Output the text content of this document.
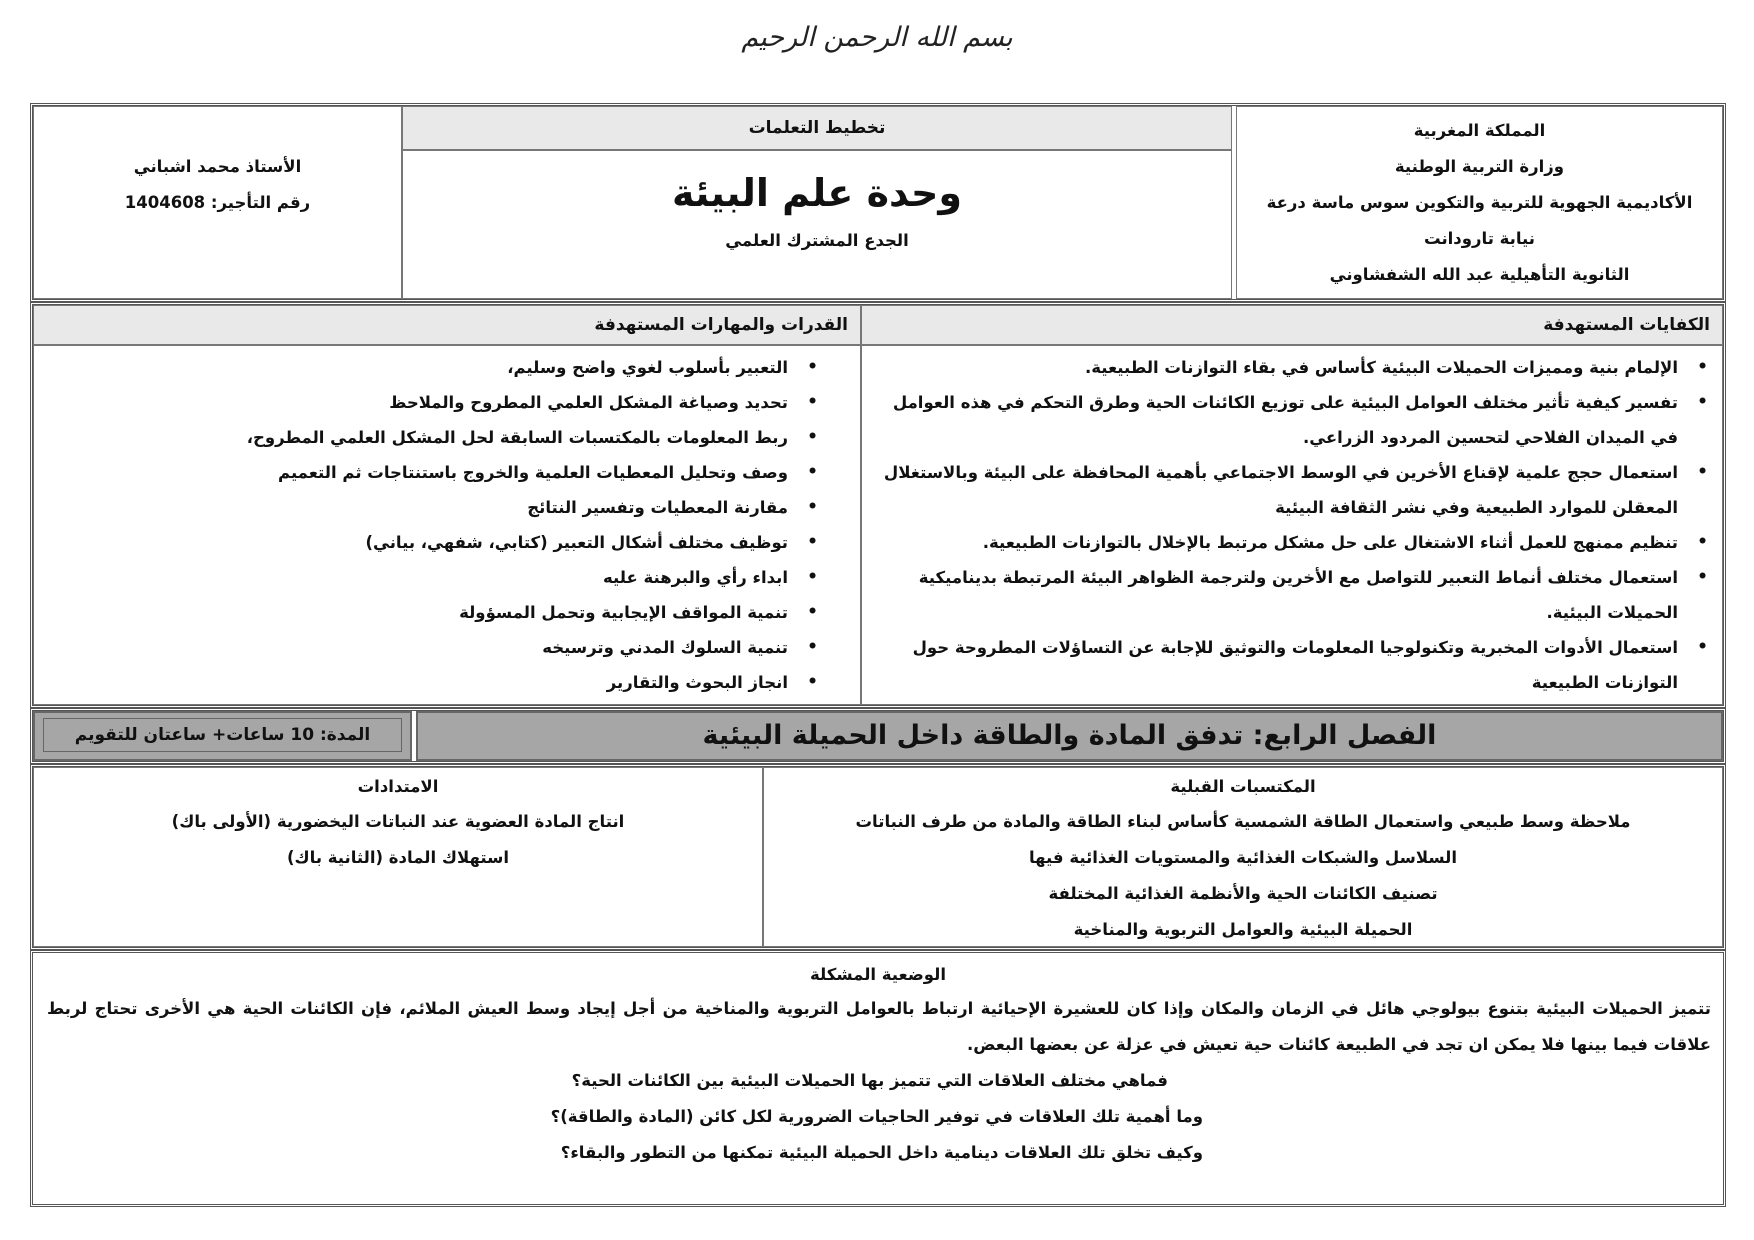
بسم الله الرحمن الرحيم
المملكة المغربية
وزارة التربية الوطنية
الأكاديمية الجهوية للتربية والتكوين سوس ماسة درعة
نيابة تارودانت
الثانوية التأهيلية عبد الله الشفشاوني
تخطيط التعلمات
وحدة علم البيئة
الجدع المشترك العلمي
الأستاذ محمد اشباني
رقم التأجير: 1404608
الكفايات المستهدفة
• الإلمام بنية ومميزات الحميلات البيئية كأساس في بقاء التوازنات الطبيعية.
• تفسير كيفية تأثير مختلف العوامل البيئية على توزيع الكائنات الحية وطرق التحكم في هذه العوامل في الميدان الفلاحي لتحسين المردود الزراعي.
• استعمال حجج علمية لإقناع الأخرين في الوسط الاجتماعي بأهمية المحافظة على البيئة وبالاستغلال المعقلن للموارد الطبيعية وفي نشر الثقافة البيئية
• تنظيم ممنهج للعمل أثناء الاشتغال على حل مشكل مرتبط بالإخلال بالتوازنات الطبيعية.
• استعمال مختلف أنماط التعبير للتواصل مع الأخرين ولترجمة الظواهر البيئة المرتبطة بديناميكية الحميلات البيئية.
• استعمال الأدوات المخبرية وتكنولوجيا المعلومات والتوثيق للإجابة عن التساؤلات المطروحة حول التوازنات الطبيعية
القدرات والمهارات المستهدفة
• التعبير بأسلوب لغوي واضح وسليم،
• تحديد وصياغة المشكل العلمي المطروح والملاحظ
• ربط المعلومات بالمكتسبات السابقة لحل المشكل العلمي المطروح،
• وصف وتحليل المعطيات العلمية والخروج باستنتاجات ثم التعميم
• مقارنة المعطيات وتفسير النتائج
• توظيف مختلف أشكال التعبير (كتابي، شفهي، بياني)
• ابداء رأي والبرهنة عليه
• تنمية المواقف الإيجابية وتحمل المسؤولة
• تنمية السلوك المدني وترسيخه
• انجاز البحوث والتقارير
الفصل الرابع: تدفق المادة والطاقة داخل الحميلة البيئية
المدة: 10 ساعات+ ساعتان للتقويم
المكتسبات القبلية
ملاحظة وسط طبيعي واستعمال الطاقة الشمسية كأساس لبناء الطاقة والمادة من طرف النباتات
السلاسل والشبكات الغذائية والمستويات الغذائية فيها
تصنيف الكائنات الحية والأنظمة الغذائية المختلفة
الحميلة البيئية والعوامل التربوية والمناخية
الامتدادات
انتاج المادة العضوية عند النباتات اليخضورية (الأولى باك)
استهلاك المادة (الثانية باك)
الوضعية المشكلة
تتميز الحميلات البيئية بتنوع بيولوجي هائل في الزمان والمكان وإذا كان للعشيرة الإحيائية ارتباط بالعوامل التربوية والمناخية من أجل إيجاد وسط العيش الملائم، فإن الكائنات الحية هي الأخرى تحتاج لربط علاقات فيما بينها فلا يمكن ان تجد في الطبيعة كائنات حية تعيش في عزلة عن بعضها البعض.
فماهي مختلف العلاقات التي تتميز بها الحميلات البيئية بين الكائنات الحية؟
وما أهمية تلك العلاقات في توفير الحاجيات الضرورية لكل كائن (المادة والطاقة)؟
وكيف تخلق تلك العلاقات دينامية داخل الحميلة البيئية تمكنها من التطور والبقاء؟
